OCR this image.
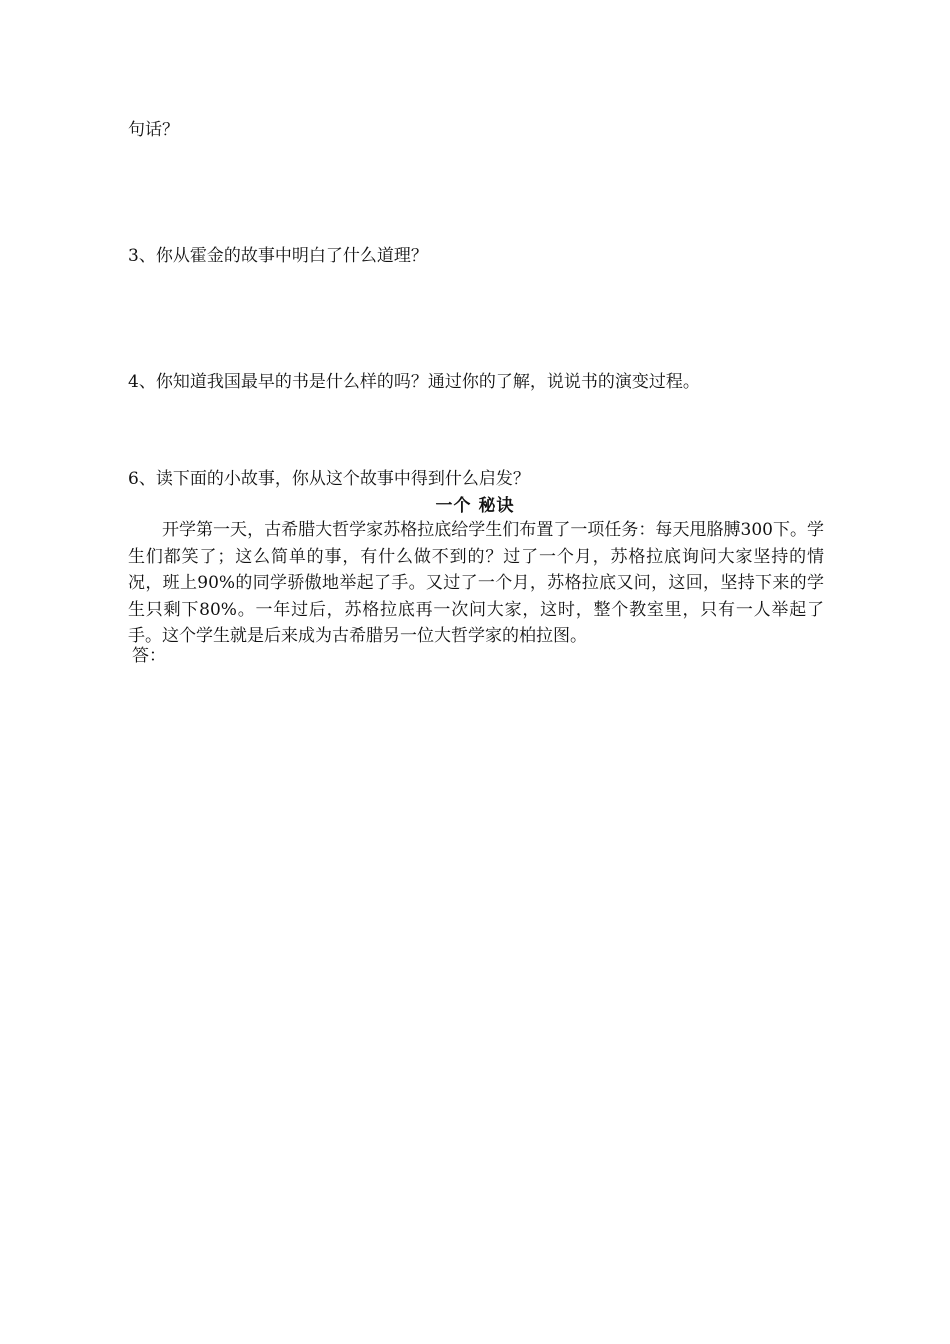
句话？
3、你从霍金的故事中明白了什么道理？
4、你知道我国最早的书是什么样的吗？通过你的了解，说说书的演变过程。
6、读下面的小故事，你从这个故事中得到什么启发？
一个 秘诀

开学第一天，古希腊大哲学家苏格拉底给学生们布置了一项任务：每天甩胳膊300下。学生们都笑了；这么简单的事，有什么做不到的？过了一个月，苏格拉底询问大家坚持的情况，班上90%的同学骄傲地举起了手。又过了一个月，苏格拉底又问，这回，坚持下来的学生只剩下80%。一年过后，苏格拉底再一次问大家，这时，整个教室里，只有一人举起了手。这个学生就是后来成为古希腊另一位大哲学家的柏拉图。

答：
